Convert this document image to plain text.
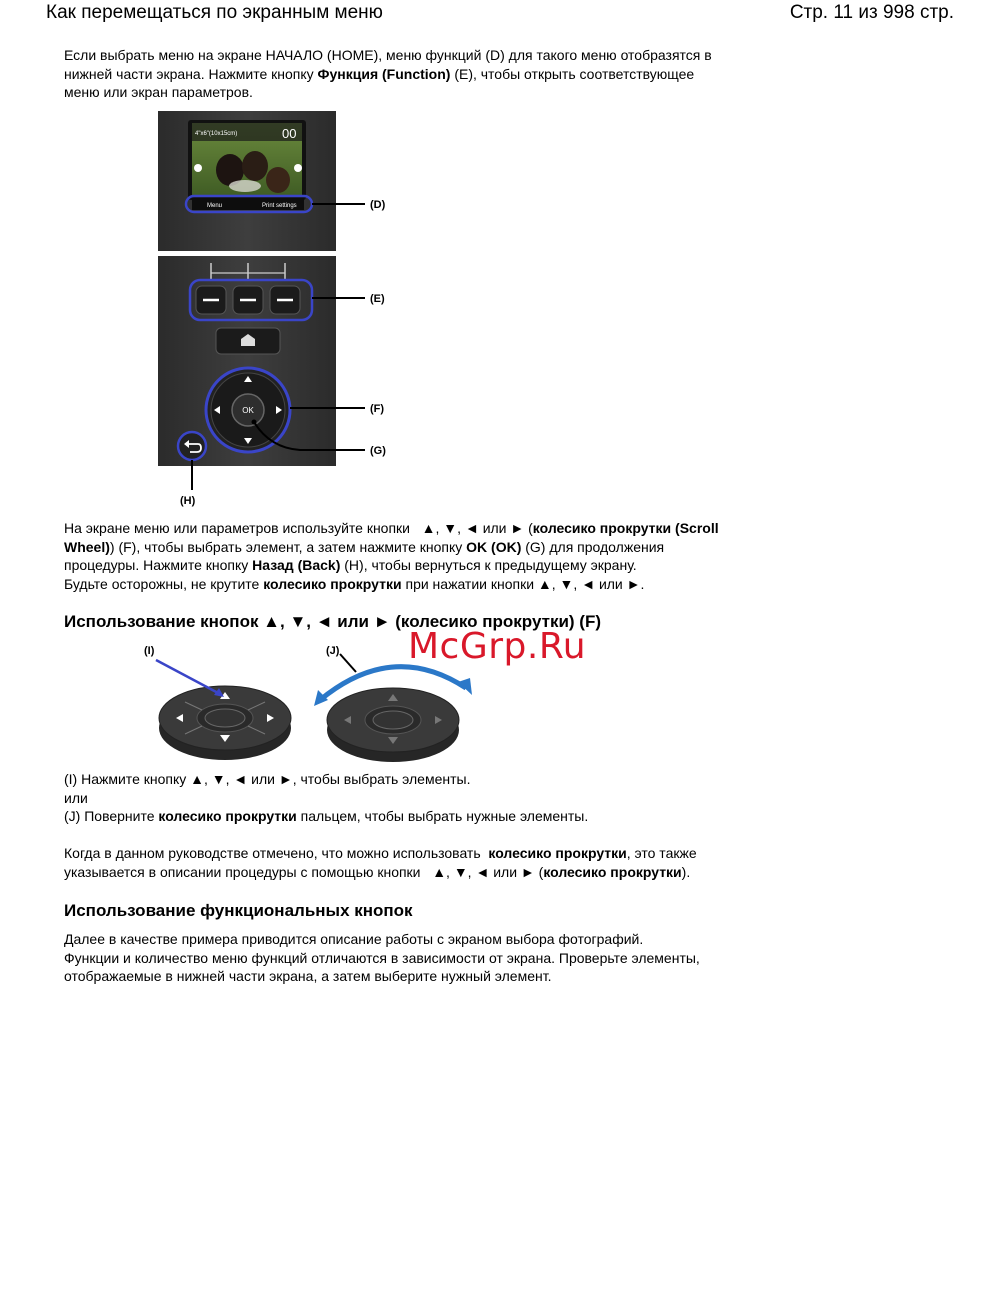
Как перемещаться по экранным меню	Стр. 11 из 998 стр.
Если выбрать меню на экране НАЧАЛО (HOME), меню функций (D) для такого меню отобразятся в
нижней части экрана. Нажмите кнопку Функция (Function) (E), чтобы открыть соответствующее
меню или экран параметров.
4"x6"(10x15cm)	00
Menu	Print settings	(D)
(E)
OK	(F)
(G)
(H)
На экране меню или параметров используйте кнопки ▲, ▼, ◄ или ► (колесико прокрутки (Scroll
Wheel)) (F), чтобы выбрать элемент, а затем нажмите кнопку OK (OK) (G) для продолжения
процедуры. Нажмите кнопку Назад (Back) (H), чтобы вернуться к предыдущему экрану.
Будьте осторожны, не крутите колесико прокрутки при нажатии кнопки ▲, ▼, ◄ или ►.
Использование кнопок ▲, ▼, ◄ или ► (колесико прокрутки) (F)
McGrp.Ru
(I)	(J)
(I) Нажмите кнопку ▲, ▼, ◄ или ►, чтобы выбрать элементы.
или
(J) Поверните колесико прокрутки пальцем, чтобы выбрать нужные элементы.
Когда в данном руководстве отмечено, что можно использовать колесико прокрутки, это также
указывается в описании процедуры с помощью кнопки ▲, ▼, ◄ или ► (колесико прокрутки).
Использование функциональных кнопок
Далее в качестве примера приводится описание работы с экраном выбора фотографий.
Функции и количество меню функций отличаются в зависимости от экрана. Проверьте элементы,
отображаемые в нижней части экрана, а затем выберите нужный элемент.
